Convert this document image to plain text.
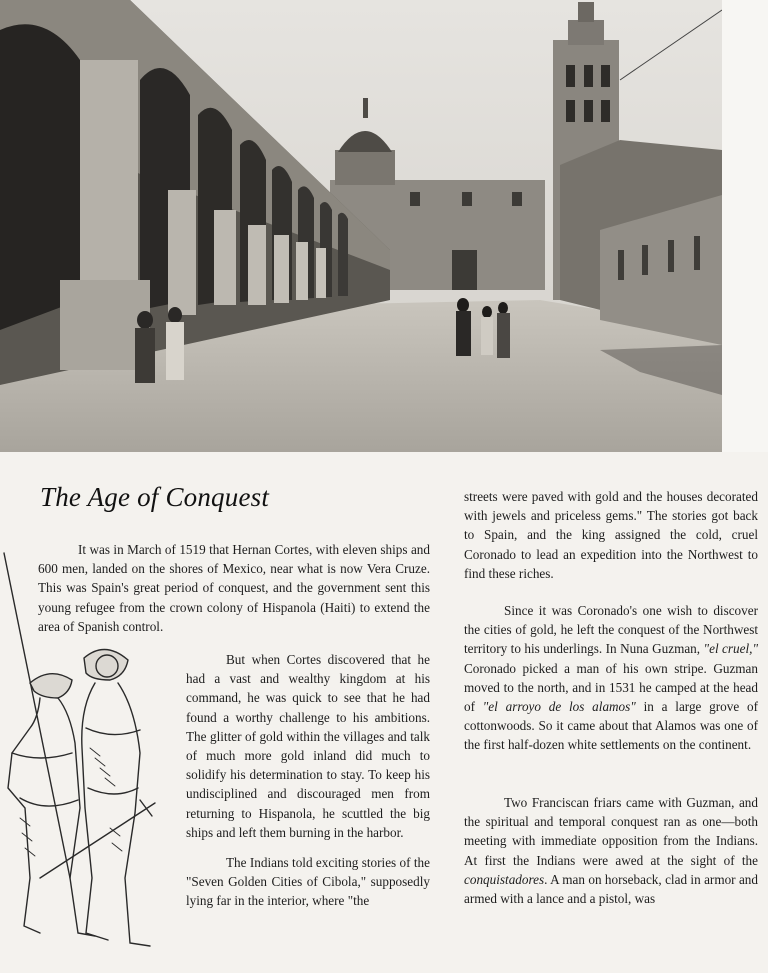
The Age of Conquest

It was in March of 1519 that Hernan Cortes, with eleven ships and 600 men, landed on the shores of Mexico, near what is now Vera Cruze. This was Spain's great period of conquest, and the government sent this young refugee from the crown colony of Hispanola (Haiti) to extend the area of Spanish control.

But when Cortes discovered that he had a vast and wealthy kingdom at his command, he was quick to see that he had found a worthy challenge to his ambitions. The glitter of gold within the villages and talk of much more gold inland did much to solidify his determination to stay. To keep his undisciplined and discouraged men from returning to Hispanola, he scuttled the big ships and left them burning in the harbor.

The Indians told exciting stories of the "Seven Golden Cities of Cibola," supposedly lying far in the interior, where "the

streets were paved with gold and the houses decorated with jewels and priceless gems." The stories got back to Spain, and the king assigned the cold, cruel Coronado to lead an expedition into the Northwest to find these riches.

Since it was Coronado's one wish to discover the cities of gold, he left the conquest of the Northwest territory to his underlings. In Nuna Guzman, "el cruel," Coronado picked a man of his own stripe. Guzman moved to the north, and in 1531 he camped at the head of "el arroyo de los alamos" in a large grove of cottonwoods. So it came about that Alamos was one of the first half-dozen white settlements on the continent.

Two Franciscan friars came with Guzman, and the spiritual and temporal conquest ran as one—both meeting with immediate opposition from the Indians. At first the Indians were awed at the sight of the conquistadores. A man on horseback, clad in armor and armed with a lance and a pistol, was
